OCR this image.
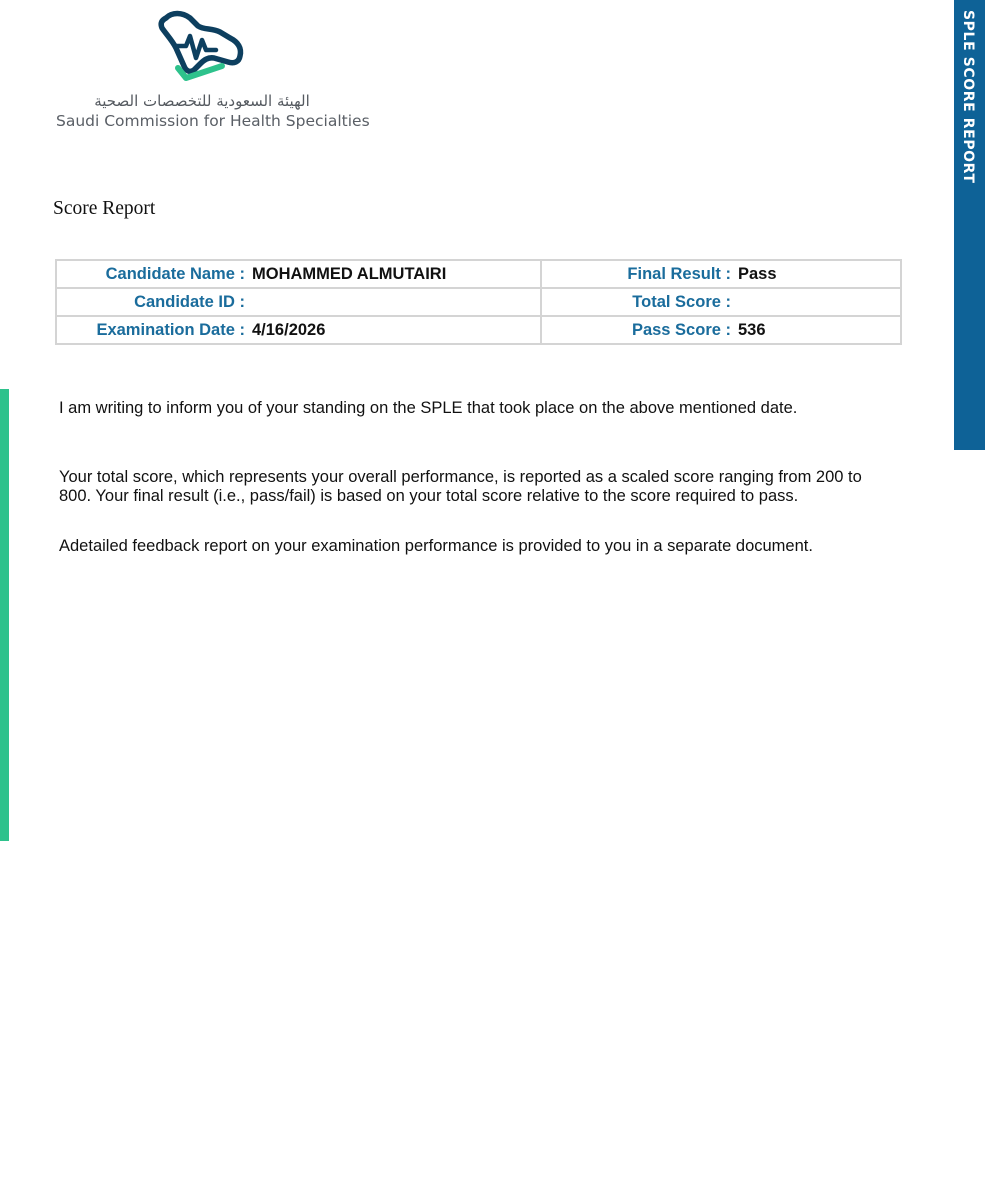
SPLE SCORE REPORT
الهيئة السعودية للتخصصات الصحية
Saudi Commission for Health Specialties
Score Report
Candidate Name : MOHAMMED ALMUTAIRI	Final Result : Pass

Candidate ID :	Total Score :

Examination Date : 4/16/2026	Pass Score : 536
I am writing to inform you of your standing on the SPLE that took place on the above mentioned date.
Your total score, which represents your overall performance, is reported as a scaled score ranging from 200 to 800. Your final result (i.e., pass/fail) is based on your total score relative to the score required to pass.
Adetailed feedback report on your examination performance is provided to you in a separate document.
